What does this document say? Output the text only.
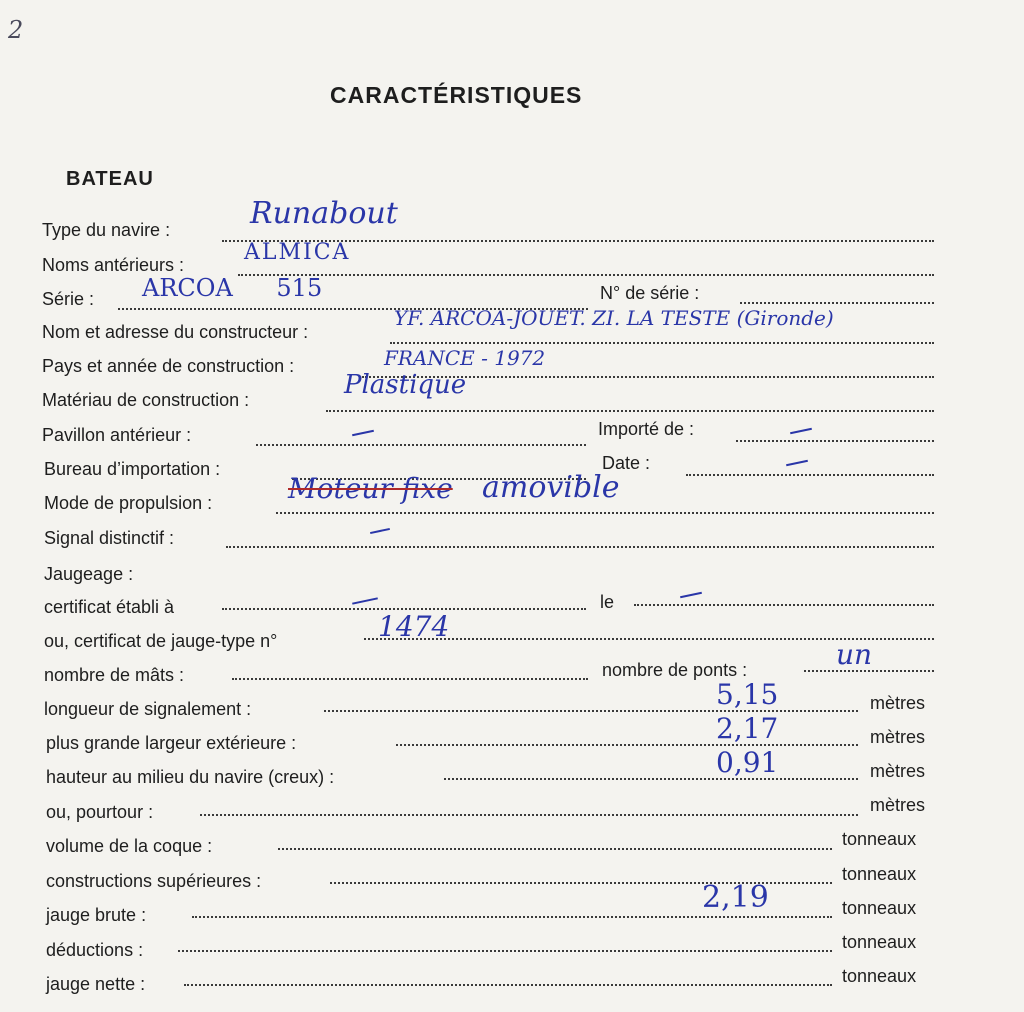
2
CARACTÉRISTIQUES
BATEAU
Type du navire :	Runabout
Noms antérieurs :	ALMICA
Série : ARCOA 515	N° de série :
Nom et adresse du constructeur :
YF. ARCOA-JOUET. ZI. LA TESTE (Gironde)
Pays et année de construction :	FRANCE - 1972
Matériau de construction :	Plastique
Pavillon antérieur :	Importé de :
Bureau d’importation :	Date :
Mode de propulsion :	Moteur fixe amovible
Signal distinctif :
Jaugeage :
certificat établi à	le
ou, certificat de jauge-type n°	1474
nombre de mâts :	nombre de ponts :	un
longueur de signalement :	5,15	mètres
plus grande largeur extérieure :	2,17	mètres
hauteur au milieu du navire (creux) :	0,91	mètres
ou, pourtour :	mètres
volume de la coque :	tonneaux
constructions supérieures :	tonneaux
jauge brute :	2,19	tonneaux
déductions :	tonneaux
jauge nette :	tonneaux
